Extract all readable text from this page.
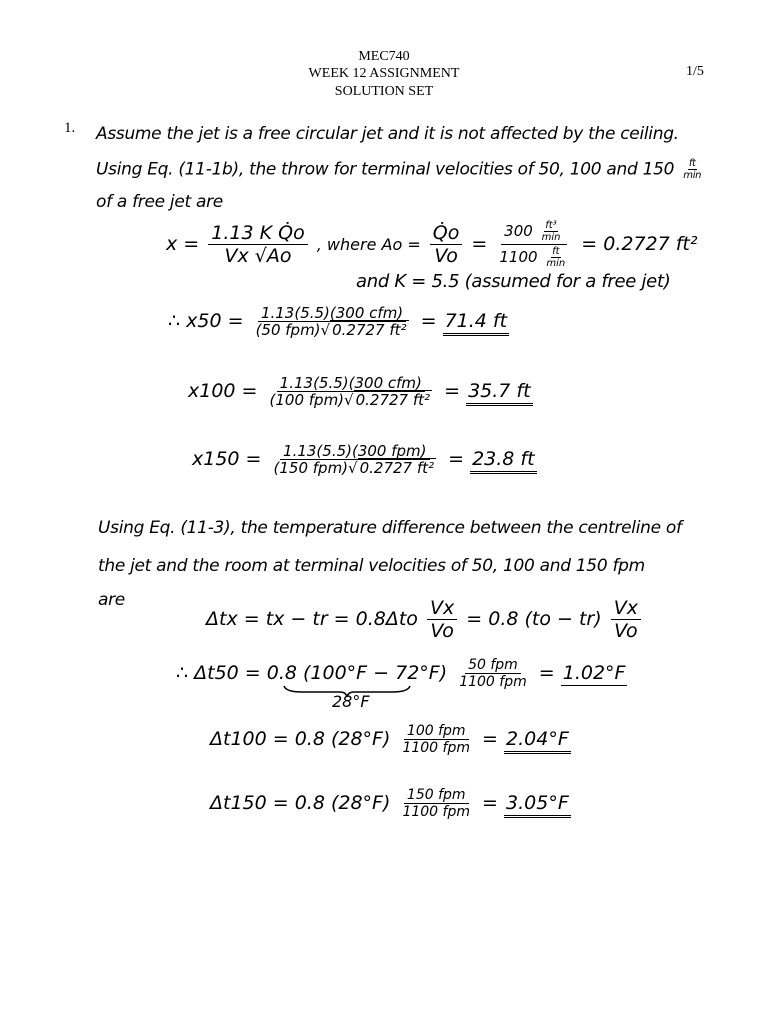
MEC740
WEEK 12 ASSIGNMENT
SOLUTION SET
1/5
1. Assume the jet is a free circular jet and it is not affected by the ceiling.
Using Eq. (11-1b), the throw for terminal velocities of 50, 100 and $150 \frac{ft}{\min}$
of a free jet are
$x = \frac{\text{1.13 K Q̇o}}{Vx √Ao}$ , where $Ao = \frac{Q̇o}{Vo} = \frac{300 \frac{\text{ft³}}{\min}}{1100 \frac{ft}{\min}} = 0.2727$ ft²
and K = 5.5 (assumed for a free jet)
∴ $x50 = \frac{\text{1.13(5.5)(300 cfm)}}{\text{(50 fpm)√ 0.2727 ft²}} = 71.4$ ft
$x100 = \frac{\text{1.13(5.5)(300 cfm)}}{\text{(100 fpm)√ 0.2727 ft²}} = 35.7$ ft
$x150 = \frac{\text{1.13(5.5)(300 fpm)}}{\text{(150 fpm)√ 0.2727 ft²}} = 23.8$ ft
Using Eq. (11-3), the temperature difference between the centreline of
the jet and the room at terminal velocities of 50, 100 and 150 fpm
are
Δtx = tx − tr = $0.8\Delta to \frac{Vx}{Vo} = 0.8$ $(to - tr) \frac{Vx}{Vo}$
∴ Δt50 = 0.8 $(100^\circ F - 72^\circ F) \frac{\text{50 fpm}}{\text{1100 fpm}} = 1.02^\circ F$
28°F
Δt100 = 0.8 $(28^\circ F) \frac{\text{100 fpm}}{\text{1100 fpm}} = 2.04^\circ F$
Δt150 = 0.8 $(28^\circ F) \frac{\text{150 fpm}}{\text{1100 fpm}} = 3.05^\circ F$
